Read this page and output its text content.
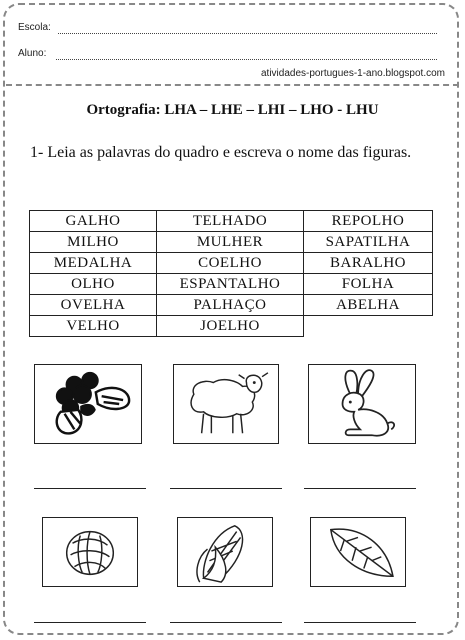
Escola:
Aluno:
atividades-portugues-1-ano.blogspot.com
Ortografia: LHA – LHE – LHI – LHO - LHU
1- Leia as palavras do quadro e escreva o nome das figuras.
GALHO	TELHADO	REPOLHO
MILHO	MULHER	SAPATILHA
MEDALHA	COELHO	BARALHO
OLHO	ESPANTALHO	FOLHA
OVELHA	PALHAÇO	ABELHA
VELHO	JOELHO	
